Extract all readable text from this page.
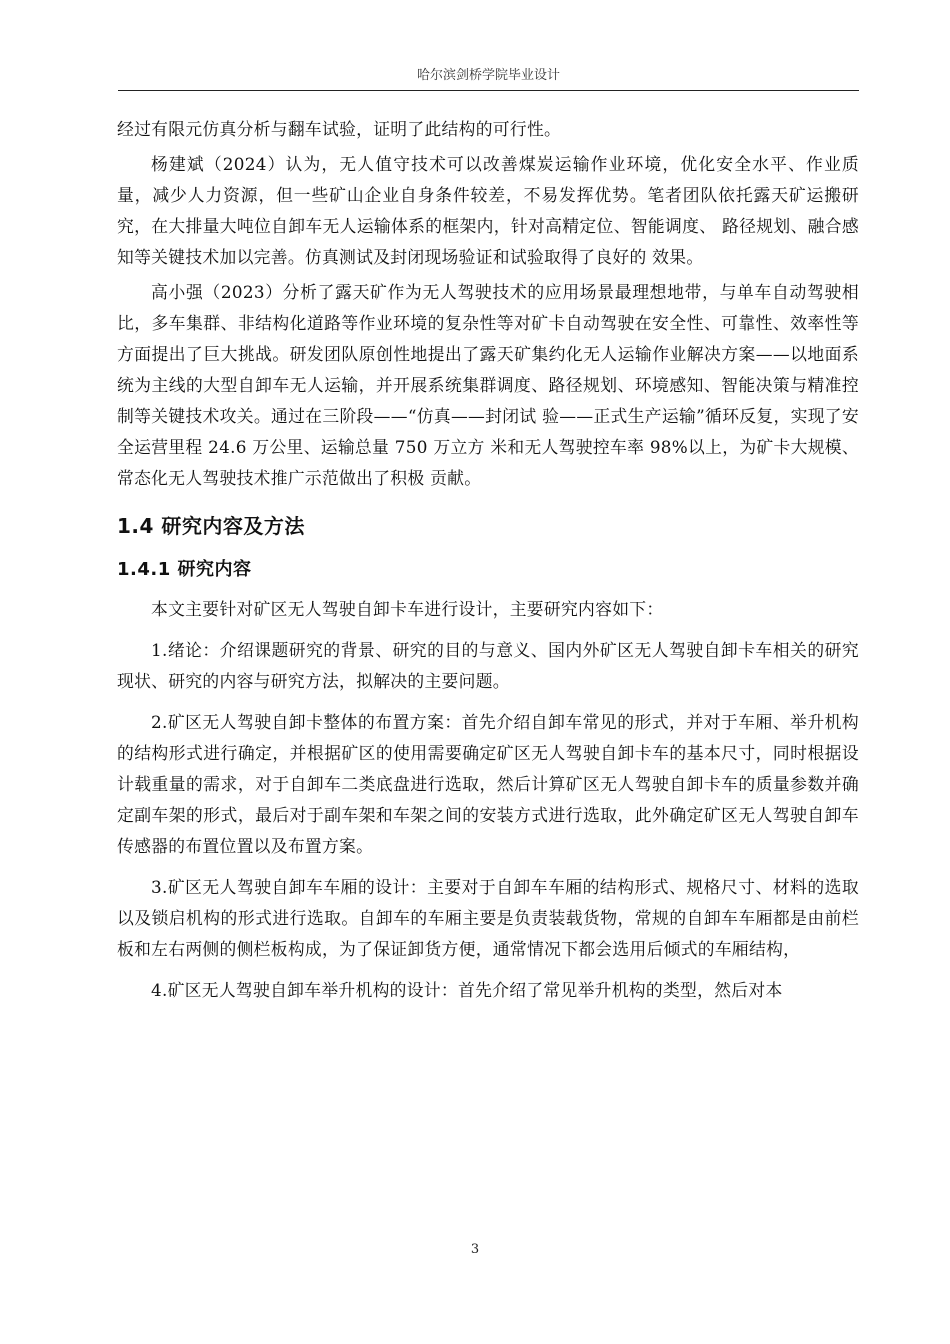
哈尔滨剑桥学院毕业设计

经过有限元仿真分析与翻车试验，证明了此结构的可行性。

杨建斌（2024）认为，无人值守技术可以改善煤炭运输作业环境，优化安全水平、作业质量，减少人力资源，但一些矿山企业自身条件较差，不易发挥优势。笔者团队依托露天矿运搬研究，在大排量大吨位自卸车无人运输体系的框架内，针对高精定位、智能调度、 路径规划、融合感知等关键技术加以完善。仿真测试及封闭现场验证和试验取得了良好的 效果。

高小强（2023）分析了露天矿作为无人驾驶技术的应用场景最理想地带，与单车自动驾驶相比，多车集群、非结构化道路等作业环境的复杂性等对矿卡自动驾驶在安全性、可靠性、效率性等方面提出了巨大挑战。研发团队原创性地提出了露天矿集约化无人运输作业解决方案——以地面系统为主线的大型自卸车无人运输，并开展系统集群调度、路径规划、环境感知、智能决策与精准控制等关键技术攻关。通过在三阶段——“仿真——封闭试 验——正式生产运输”循环反复，实现了安全运营里程 24.6 万公里、运输总量 750 万立方 米和无人驾驶控车率 98%以上，为矿卡大规模、常态化无人驾驶技术推广示范做出了积极 贡献。

1.4 研究内容及方法
1.4.1 研究内容

本文主要针对矿区无人驾驶自卸卡车进行设计，主要研究内容如下：

1.绪论：介绍课题研究的背景、研究的目的与意义、国内外矿区无人驾驶自卸卡车相关的研究现状、研究的内容与研究方法，拟解决的主要问题。

2.矿区无人驾驶自卸卡整体的布置方案：首先介绍自卸车常见的形式，并对于车厢、举升机构的结构形式进行确定，并根据矿区的使用需要确定矿区无人驾驶自卸卡车的基本尺寸，同时根据设计载重量的需求，对于自卸车二类底盘进行选取，然后计算矿区无人驾驶自卸卡车的质量参数并确定副车架的形式，最后对于副车架和车架之间的安装方式进行选取，此外确定矿区无人驾驶自卸车传感器的布置位置以及布置方案。

3.矿区无人驾驶自卸车车厢的设计：主要对于自卸车车厢的结构形式、规格尺寸、材料的选取以及锁启机构的形式进行选取。自卸车的车厢主要是负责装载货物，常规的自卸车车厢都是由前栏板和左右两侧的侧栏板构成，为了保证卸货方便，通常情况下都会选用后倾式的车厢结构，

4.矿区无人驾驶自卸车举升机构的设计：首先介绍了常见举升机构的类型，然后对本

3
